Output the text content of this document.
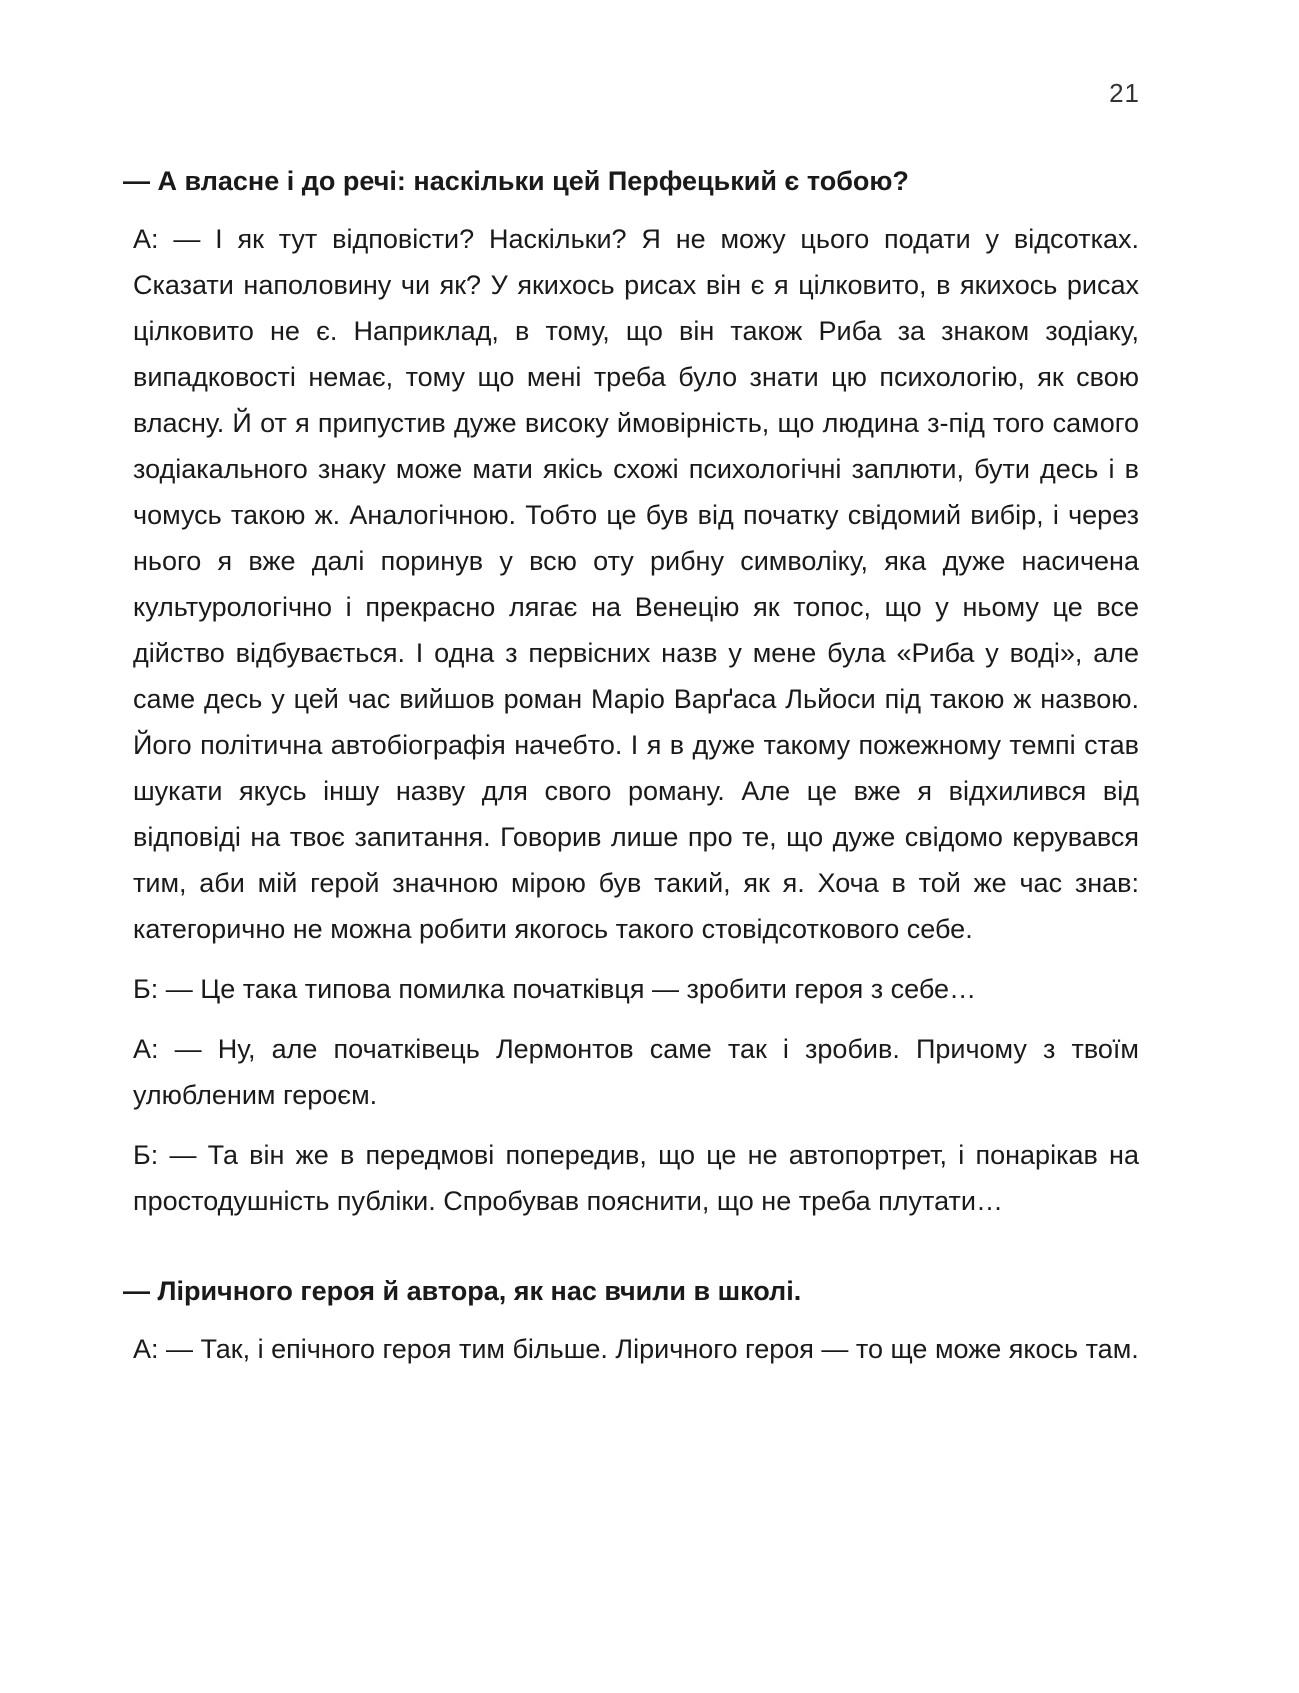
21

— А власне і до речі: наскільки цей Перфецький є тобою?

А: — І як тут відповісти? Наскільки? Я не можу цього подати у відсотках. Сказати наполовину чи як? У якихось рисах він є я цілковито, в якихось рисах цілковито не є. Наприклад, в тому, що він також Риба за знаком зодіаку, випадковості немає, тому що мені треба було знати цю психологію, як свою власну. Й от я припустив дуже високу ймовірність, що людина з-під того самого зодіакального знаку може мати якісь схожі психологічні заплюти, бути десь і в чомусь такою ж. Аналогічною. Тобто це був від початку свідомий вибір, і через нього я вже далі поринув у всю оту рибну символіку, яка дуже насичена культурологічно і прекрасно лягає на Венецію як топос, що у ньому це все дійство відбувається. І одна з первісних назв у мене була «Риба у воді», але саме десь у цей час вийшов роман Маріо Варґаса Льйоси під такою ж назвою. Його політична автобіографія начебто. І я в дуже такому пожежному темпі став шукати якусь іншу назву для свого роману. Але це вже я відхилився від відповіді на твоє запитання. Говорив лише про те, що дуже свідомо керувався тим, аби мій герой значною мірою був такий, як я. Хоча в той же час знав: категорично не можна робити якогось такого стовідсоткового себе.

Б: — Це така типова помилка початківця — зробити героя з себе…

А: — Ну, але початківець Лермонтов саме так і зробив. Причому з твоїм улюбленим героєм.

Б: — Та він же в передмові попередив, що це не автопортрет, і понарікав на простодушність публіки. Спробував пояснити, що не треба плутати…

— Ліричного героя й автора, як нас вчили в школі.

А: — Так, і епічного героя тим більше. Ліричного героя — то ще може якось там.
